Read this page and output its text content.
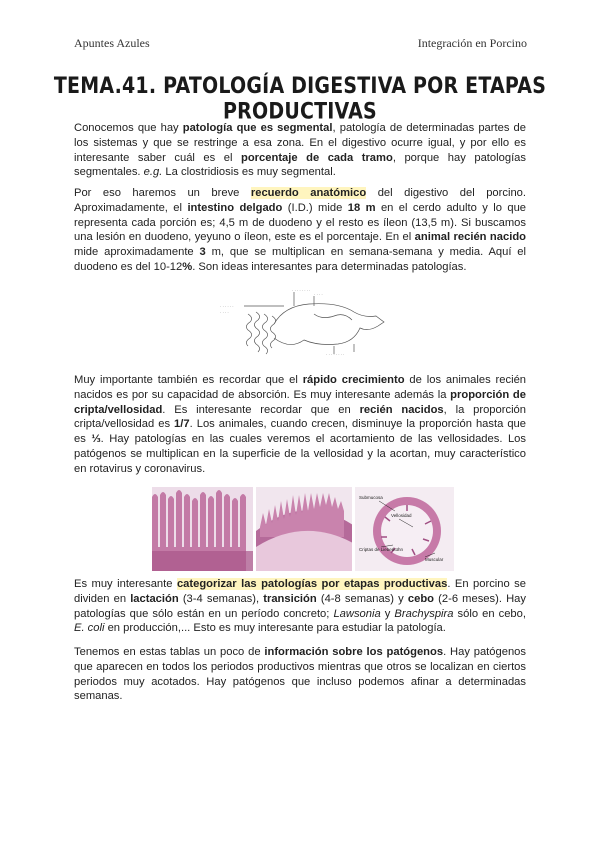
Apuntes Azules	Integración en Porcino
TEMA.41. PATOLOGÍA DIGESTIVA POR ETAPAS PRODUCTIVAS

Conocemos que hay patología que es segmental, patología de determinadas partes de los sistemas y que se restringe a esa zona. En el digestivo ocurre igual, y por ello es interesante saber cuál es el porcentaje de cada tramo, porque hay patologías segmentales. e.g. La clostridiosis es muy segmental.

Por eso haremos un breve recuerdo anatómico del digestivo del porcino. Aproximadamente, el intestino delgado (I.D.) mide 18 m en el cerdo adulto y lo que representa cada porción es; 4,5 m de duodeno y el resto es íleon (13,5 m). Si buscamos una lesión en duodeno, yeyuno o íleon, este es el porcentaje. En el animal recién nacido mide aproximadamente 3 m, que se multiplican en semana-semana y media. Aquí el duodeno es del 10-12%. Son ideas interesantes para determinadas patologías.

· · · · · ·
· · · ·
· · · · · · · ·
· · · ·
· · · · · · · ·

Muy importante también es recordar que el rápido crecimiento de los animales recién nacidos es por su capacidad de absorción. Es muy interesante además la proporción de cripta/vellosidad. Es interesante recordar que en recién nacidos, la proporción cripta/vellosidad es 1/7. Los animales, cuando crecen, disminuye la proporción hasta que es ⅓. Hay patologías en las cuales veremos el acortamiento de las vellosidades. Los patógenos se multiplican en la superficie de la vellosidad y la acortan, muy característico en rotavirus y coronavirus.

Submucosa
Vellosidad
Criptas de Lieberkühn
Muscular

Es muy interesante categorizar las patologías por etapas productivas. En porcino se dividen en lactación (3-4 semanas), transición (4-8 semanas) y cebo (2-6 meses). Hay patologías que sólo están en un período concreto; Lawsonia y Brachyspira sólo en cebo, E. coli en producción,... Esto es muy interesante para estudiar la patología.

Tenemos en estas tablas un poco de información sobre los patógenos. Hay patógenos que aparecen en todos los periodos productivos mientras que otros se localizan en ciertos periodos muy acotados. Hay patógenos que incluso podemos afinar a determinadas semanas.
